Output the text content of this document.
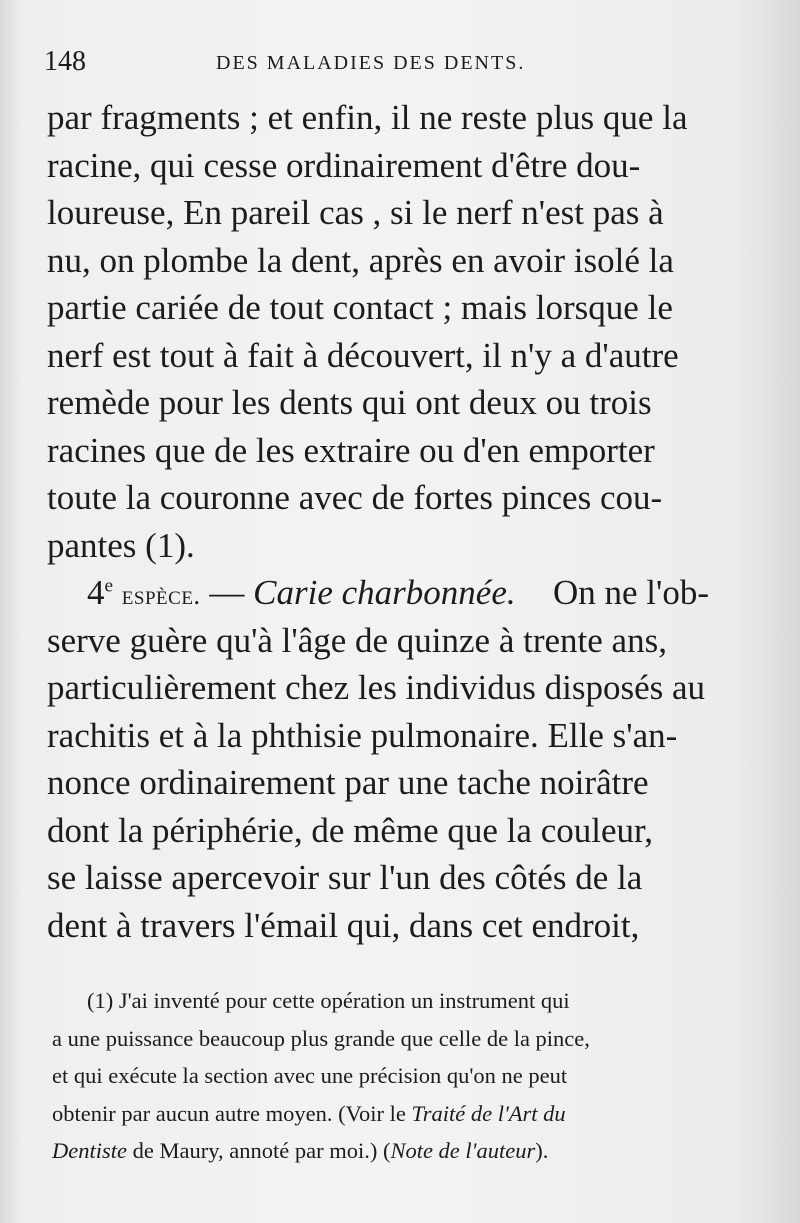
148	DES MALADIES DES DENTS.
par fragments ; et enfin, il ne reste plus que la
racine, qui cesse ordinairement d'être dou-
loureuse, En pareil cas , si le nerf n'est pas à
nu, on plombe la dent, après en avoir isolé la
partie cariée de tout contact ; mais lorsque le
nerf est tout à fait à découvert, il n'y a d'autre
remède pour les dents qui ont deux ou trois
racines que de les extraire ou d'en emporter
toute la couronne avec de fortes pinces cou-
pantes (1).
4e espèce. — Carie charbonnée. On ne l'ob-
serve guère qu'à l'âge de quinze à trente ans,
particulièrement chez les individus disposés au
rachitis et à la phthisie pulmonaire. Elle s'an-
nonce ordinairement par une tache noirâtre
dont la périphérie, de même que la couleur,
se laisse apercevoir sur l'un des côtés de la
dent à travers l'émail qui, dans cet endroit,
(1) J'ai inventé pour cette opération un instrument qui
a une puissance beaucoup plus grande que celle de la pince,
et qui exécute la section avec une précision qu'on ne peut
obtenir par aucun autre moyen. (Voir le Traité de l'Art du
Dentiste de Maury, annoté par moi.) (Note de l'auteur).
